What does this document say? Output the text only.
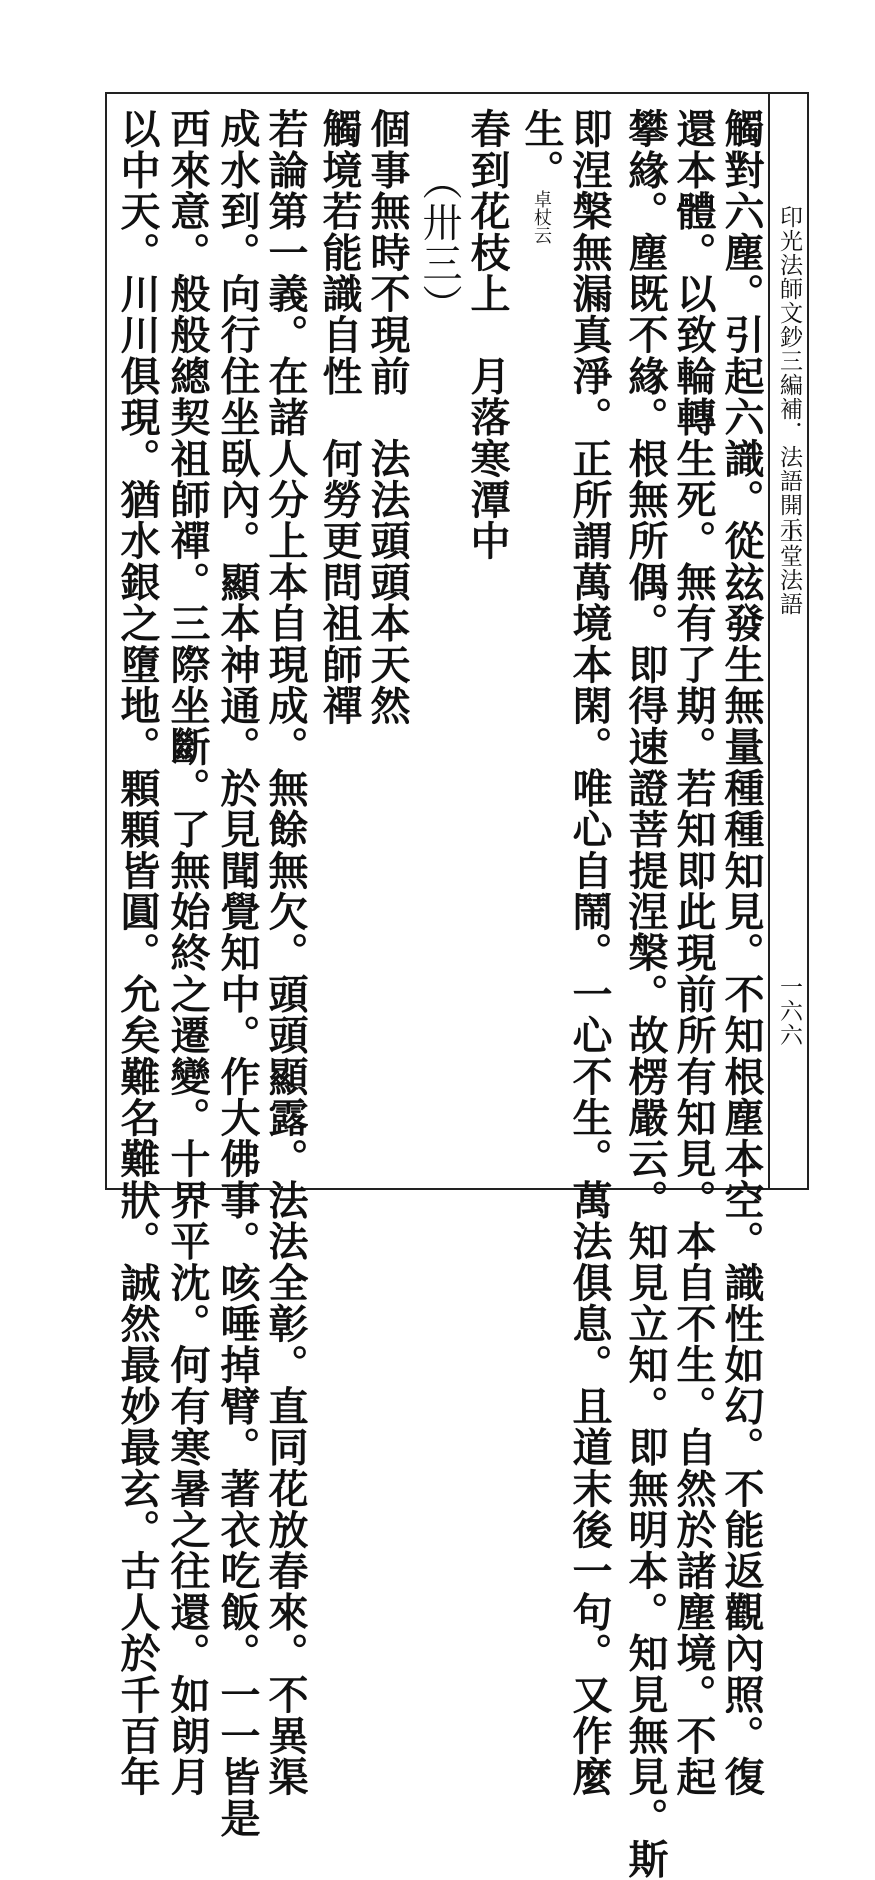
印光法師文鈔三編補．法語開示
上堂法語
一六六
觸對六塵。引起六識。從玆發生無量種種知見。不知根塵本空。識性如幻。不能返觀內照。復
還本體。以致輪轉生死。無有了期。若知即此現前所有知見。本自不生。自然於諸塵境。不起
攀緣。塵既不緣。根無所偶。即得速證菩提涅槃。故楞嚴云。知見立知。即無明本。知見無見。斯
即涅槃無漏真淨。正所謂萬境本閑。唯心自鬧。一心不生。萬法俱息。且道末後一句。又作麼
生。卓杖云
春到花枝上　月落寒潭中
（卅三）
個事無時不現前　法法頭頭本天然
觸境若能識自性　何勞更問祖師禪
若論第一義。在諸人分上本自現成。無餘無欠。頭頭顯露。法法全彰。直同花放春來。不異渠
成水到。向行住坐臥內。顯本神通。於見聞覺知中。作大佛事。咳唾掉臂。著衣吃飯。一一皆是
西來意。般般總契祖師禪。三際坐斷。了無始終之遷變。十界平沈。何有寒暑之往還。如朗月
以中天。川川俱現。猶水銀之墮地。顆顆皆圓。允矣難名難狀。誠然最妙最玄。古人於千百年
